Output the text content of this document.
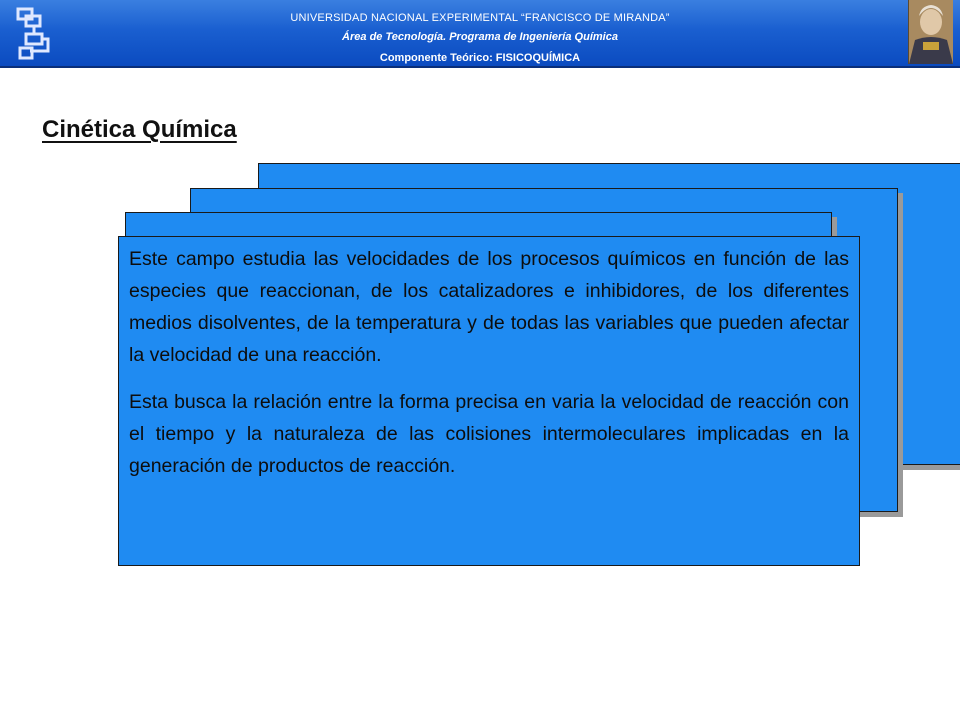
UNIVERSIDAD NACIONAL EXPERIMENTAL “FRANCISCO DE MIRANDA”
Área de Tecnología. Programa de Ingeniería Química
Componente Teórico: FISICOQUÍMICA
Cinética Química

Este campo estudia las velocidades de los procesos químicos en función de las especies que reaccionan, de los catalizadores e inhibidores, de los diferentes medios disolventes, de la temperatura y de todas las variables que pueden afectar la velocidad de una reacción.

Esta busca la relación entre la forma precisa en varia la velocidad de reacción con el tiempo y la naturaleza de las colisiones intermoleculares implicadas en la generación de productos de reacción.
